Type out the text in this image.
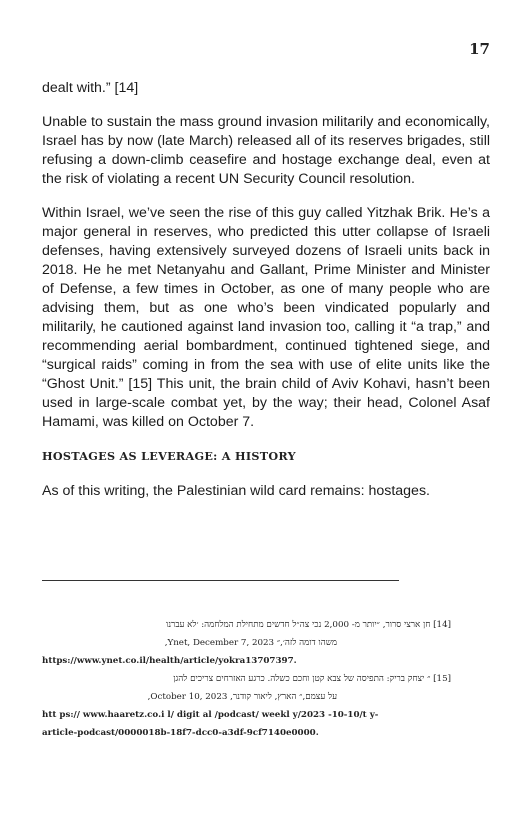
17

dealt with.” [14]

Unable to sustain the mass ground invasion militarily and economically, Israel has by now (late March) released all of its reserves brigades, still refusing a down-climb ceasefire and hostage exchange deal, even at the risk of violating a recent UN Security Council resolution.

Within Israel, we’ve seen the rise of this guy called Yitzhak Brik. He’s a major general in reserves, who predicted this utter collapse of Israeli defenses, having extensively surveyed dozens of Israeli units back in 2018. He he met Netanyahu and Gallant, Prime Minister and Minister of Defense, a few times in October, as one of many people who are advising them, but as one who’s been vindicated popularly and militarily, he cautioned against land invasion too, calling it “a trap,” and recommending aerial bombardment, continued tightened siege, and “surgical raids” coming in from the sea with use of elite units like the “Ghost Unit.” [15] This unit, the brain child of Aviv Kohavi, hasn’t been used in large-scale combat yet, by the way; their head, Colonel Asaf Hamami, was killed on October 7.

HOSTAGES AS LEVERAGE: A HISTORY

As of this writing, the Palestinian wild card remains: hostages.

[14] חן ארצי סרור, ״יותר מ- 2,000 נכי צה״ל חדשים מתחילת המלחמה: ׳לא עברנו
משהו דומה לזה׳,״ Ynet, December 7, 2023,
https://www.ynet.co.il/health/article/yokra13707397.
[15] ״ יצחק בריק: התפיסה של צבא קטן וחכם כשלה. כרגע האזרחים צריכים להגן
על עצמם,״ הארץ, ליאור קודנר, October 10, 2023,
htt ps:// www.haaretz.co.i l/ digit al /podcast/ weekl y/2023 -10-10/t y-
article-podcast/0000018b-18f7-dcc0-a3df-9cf7140e0000.
